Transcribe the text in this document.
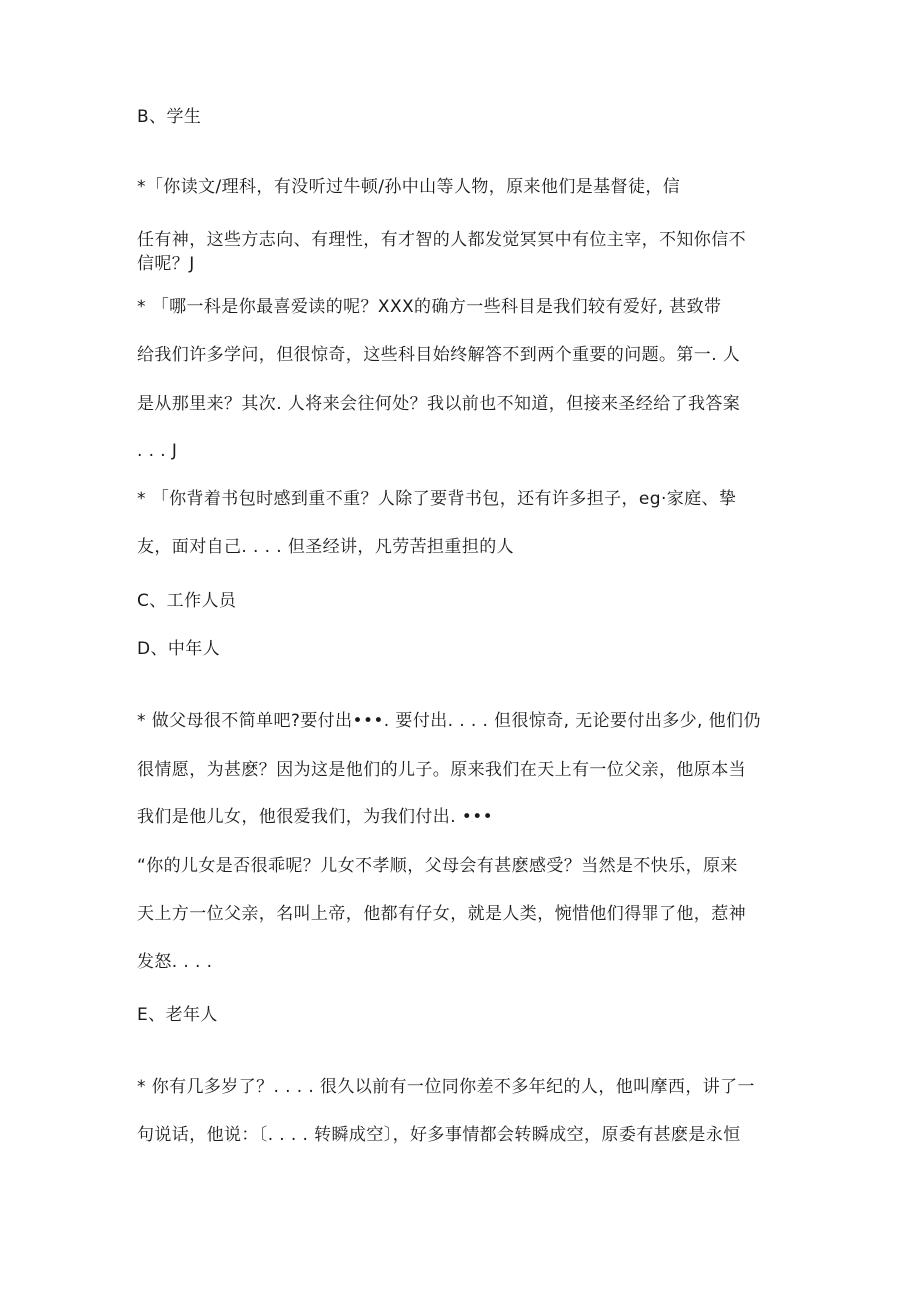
B、学生
*「你读文/理科，有没听过牛顿/孙中山等人物，原来他们是基督徒，信
任有神，这些方志向、有理性，有才智的人都发觉冥冥中有位主宰，不知你信不
信呢？J
* 「哪一科是你最喜爱读的呢？XXX的确方一些科目是我们较有爱好, 甚致带
给我们许多学问，但很惊奇，这些科目始终解答不到两个重要的问题。第一. 人
是从那里来？其次. 人将来会往何处？我以前也不知道，但接来圣经给了我答案
. . . J
* 「你背着书包时感到重不重？人除了要背书包，还有许多担子，eg·家庭、挚
友，面对自己. . . . 但圣经讲，凡劳苦担重担的人
C、工作人员
D、中年人
* 做父母很不简单吧?要付出•••. 要付出. . . . 但很惊奇, 无论要付出多少, 他们仍
很情愿，为甚麽？因为这是他们的儿子。原来我们在天上有一位父亲，他原本当
我们是他儿女，他很爱我们，为我们付出. •••
“你的儿女是否很乖呢？儿女不孝顺，父母会有甚麽感受？当然是不快乐，原来
天上方一位父亲，名叫上帝，他都有仔女，就是人类，惋惜他们得罪了他，惹神
发怒. . . .
E、老年人
* 你有几多岁了？. . . . 很久以前有一位同你差不多年纪的人，他叫摩西，讲了一
句说话，他说：〔. . . . 转瞬成空〕，好多事情都会转瞬成空，原委有甚麽是永恒
